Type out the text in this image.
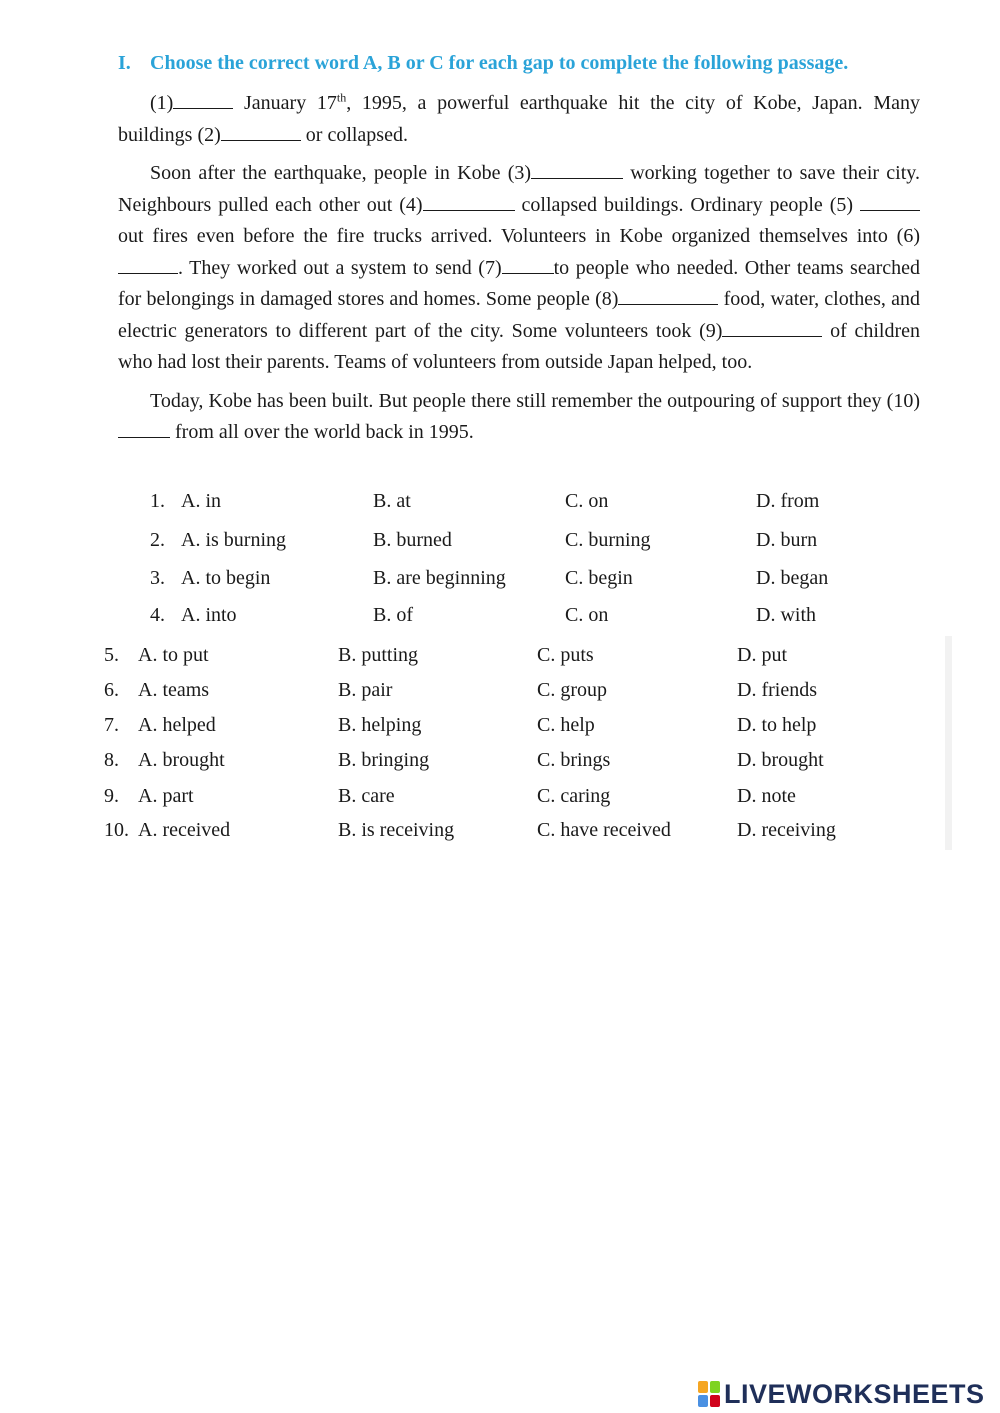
I. Choose the correct word A, B or C for each gap to complete the following passage.

(1)	January 17th, 1995, a powerful earthquake hit the city of Kobe, Japan. Many buildings (2)	or collapsed.

Soon after the earthquake, people in Kobe (3)	working together to save their city. Neighbours pulled each other out (4)	collapsed buildings. Ordinary people (5)  out fires even before the fire trucks arrived. Volunteers in Kobe organized themselves into (6). They worked out a system to send (7)	to people who needed. Other teams searched for belongings in damaged stores and homes. Some people (8)	food, water, clothes, and electric generators to different part of the city. Some volunteers took (9)	of children who had lost their parents. Teams of volunteers from outside Japan helped, too.

Today, Kobe has been built. But people there still remember the outpouring of support they (10) from all over the world back in 1995.

1. A. in	B. at	C. on	D. from
2. A. is burning	B. burned	C. burning	D. burn
3. A. to begin	B. are beginning	C. begin	D. began
4. A. into	B. of	C. on	D. with
5. A. to put	B. putting	C. puts	D. put
6. A. teams	B. pair	C. group	D. friends
7. A. helped	B. helping	C. help	D. to help
8. A. brought	B. bringing	C. brings	D. brought
9. A. part	B. care	C. caring	D. note
10. A. received	B. is receiving	C. have received	D. receiving
LIVEWORKSHEETS
